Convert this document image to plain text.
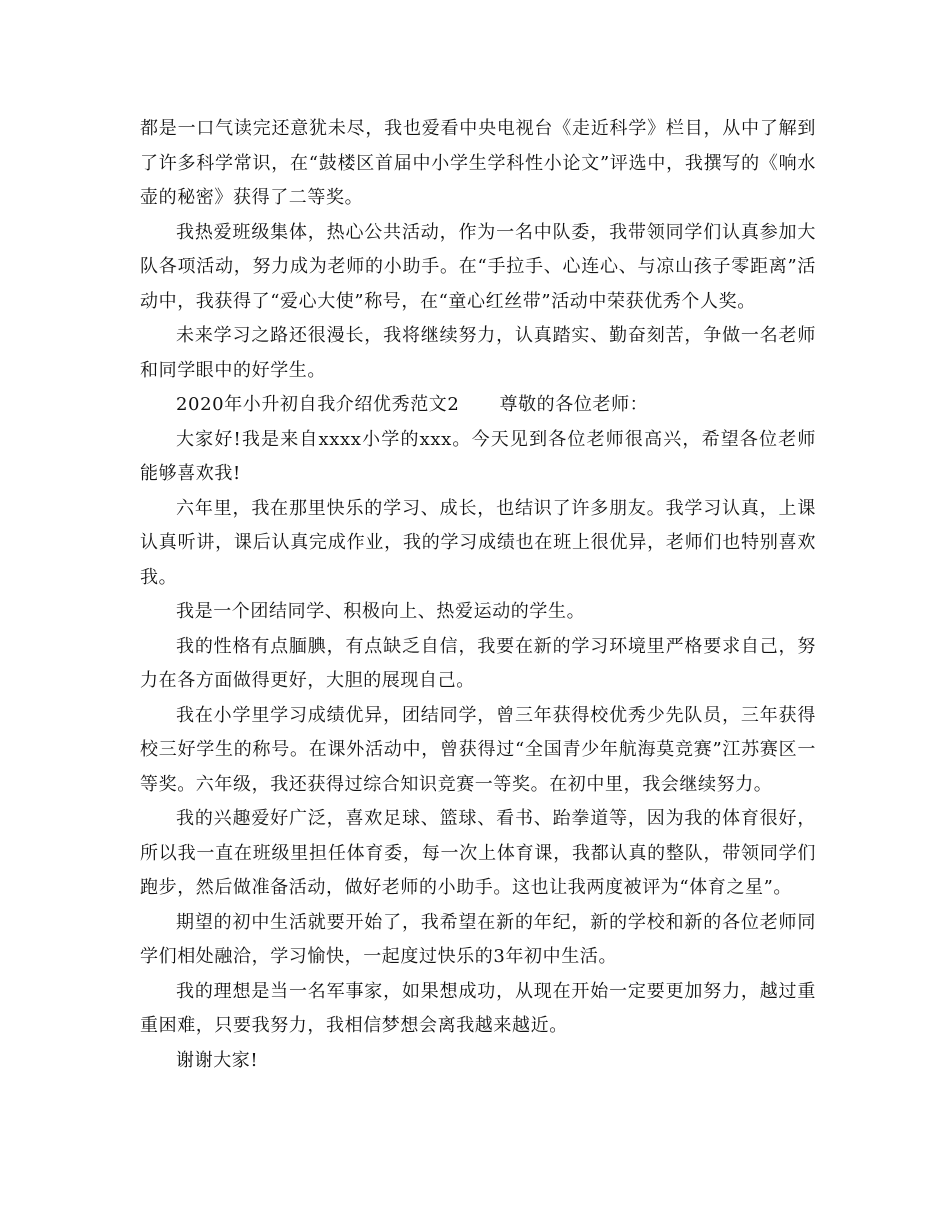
都是一口气读完还意犹未尽，我也爱看中央电视台《走近科学》栏目，从中了解到了许多科学常识，在“鼓楼区首届中小学生学科性小论文”评选中，我撰写的《响水壶的秘密》获得了二等奖。

我热爱班级集体，热心公共活动，作为一名中队委，我带领同学们认真参加大队各项活动，努力成为老师的小助手。在“手拉手、心连心、与凉山孩子零距离”活动中，我获得了“爱心大使”称号，在“童心红丝带”活动中荣获优秀个人奖。

未来学习之路还很漫长，我将继续努力，认真踏实、勤奋刻苦，争做一名老师和同学眼中的好学生。

2020年小升初自我介绍优秀范文2 尊敬的各位老师：

大家好!我是来自xxxx小学的xxx。今天见到各位老师很高兴，希望各位老师能够喜欢我!

六年里，我在那里快乐的学习、成长，也结识了许多朋友。我学习认真，上课认真听讲，课后认真完成作业，我的学习成绩也在班上很优异，老师们也特别喜欢我。

我是一个团结同学、积极向上、热爱运动的学生。

我的性格有点腼腆，有点缺乏自信，我要在新的学习环境里严格要求自己，努力在各方面做得更好，大胆的展现自己。

我在小学里学习成绩优异，团结同学，曾三年获得校优秀少先队员，三年获得校三好学生的称号。在课外活动中，曾获得过“全国青少年航海莫竞赛”江苏赛区一等奖。六年级，我还获得过综合知识竞赛一等奖。在初中里，我会继续努力。

我的兴趣爱好广泛，喜欢足球、篮球、看书、跆拳道等，因为我的体育很好，所以我一直在班级里担任体育委，每一次上体育课，我都认真的整队，带领同学们跑步，然后做准备活动，做好老师的小助手。这也让我两度被评为“体育之星”。

期望的初中生活就要开始了，我希望在新的年纪，新的学校和新的各位老师同学们相处融洽，学习愉快，一起度过快乐的3年初中生活。

我的理想是当一名军事家，如果想成功，从现在开始一定要更加努力，越过重重困难，只要我努力，我相信梦想会离我越来越近。

谢谢大家!
